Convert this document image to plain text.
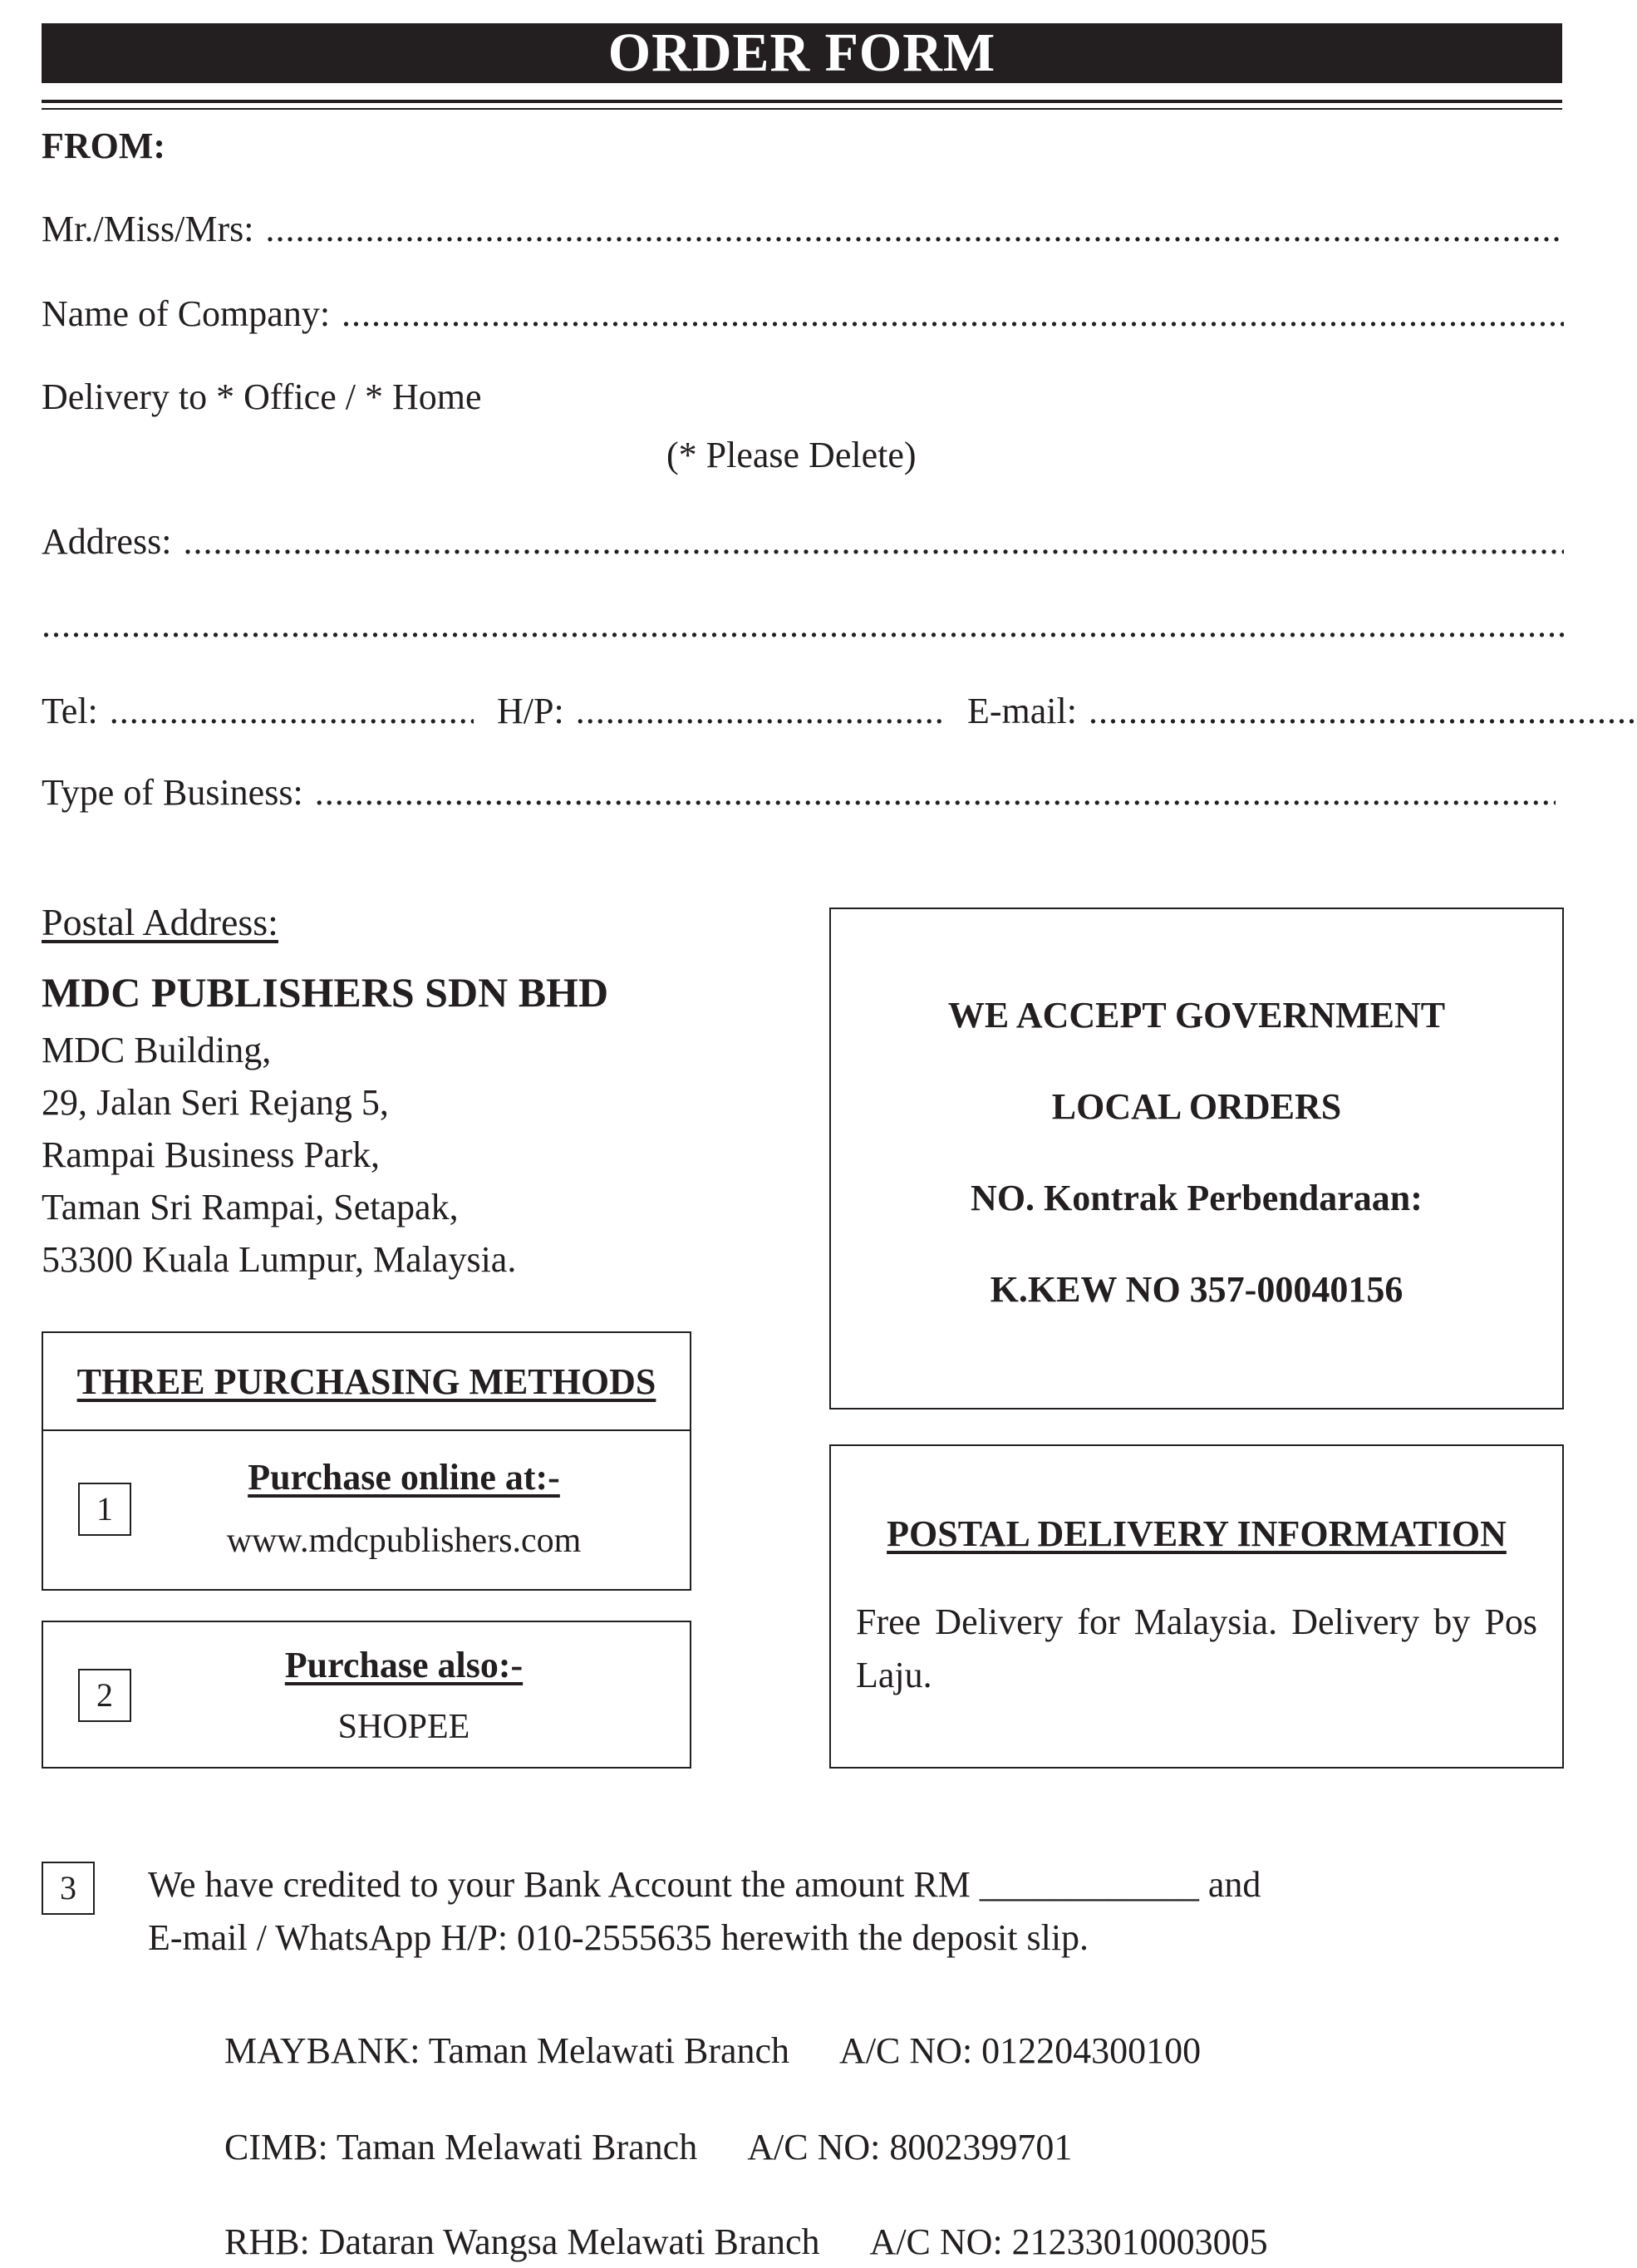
ORDER FORM
FROM:
Mr./Miss/Mrs:
.....
Name of Company:
.....
Delivery to * Office / * Home
(* Please Delete)
Address:
.....
.....
Tel: .....	H/P: .....	E-mail:
.....
Type of Business:
.....
Postal Address:
MDC PUBLISHERS SDN BHD
MDC Building,
29, Jalan Seri Rejang 5,
Rampai Business Park,
Taman Sri Rampai, Setapak,
53300 Kuala Lumpur, Malaysia.
WE ACCEPT GOVERNMENT
LOCAL ORDERS
NO. Kontrak Perbendaraan:
K.KEW NO 357-00040156
THREE PURCHASING METHODS
1
Purchase online at:-
www.mdcpublishers.com
2
Purchase also:-
SHOPEE
POSTAL DELIVERY INFORMATION
Free Delivery for Malaysia. Delivery by Pos Laju.
3	We have credited to your Bank Account the amount RM ____________ and
E-mail / WhatsApp H/P: 010-2555635 herewith the deposit slip.
MAYBANK: Taman Melawati Branch A/C NO: 012204300100
CIMB: Taman Melawati Branch A/C NO: 8002399701
RHB: Dataran Wangsa Melawati Branch A/C NO: 21233010003005
